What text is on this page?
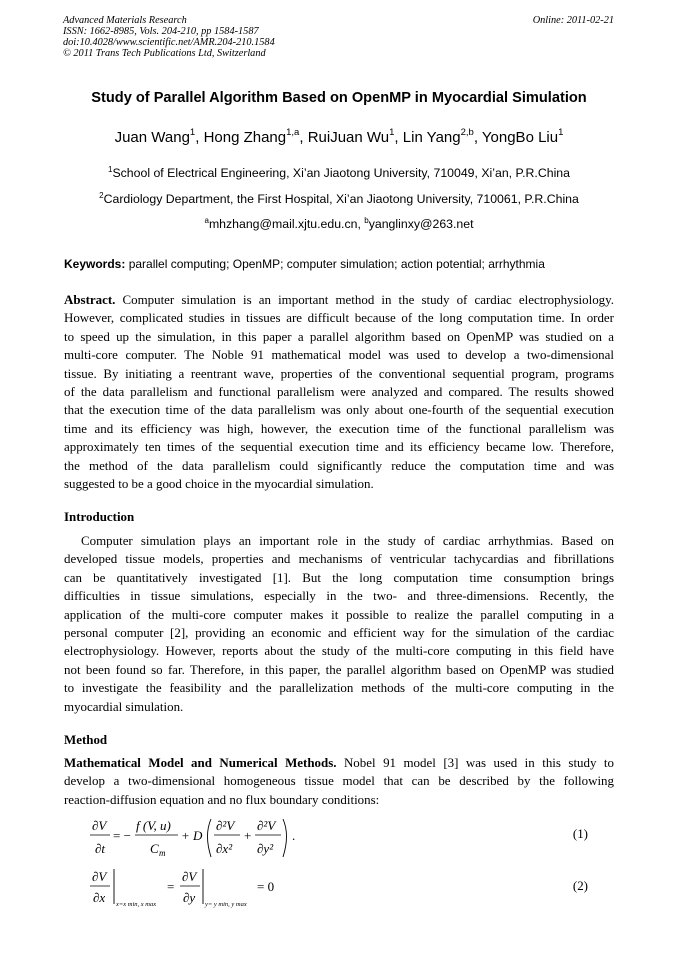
Advanced Materials Research
ISSN: 1662-8985, Vols. 204-210, pp 1584-1587
doi:10.4028/www.scientific.net/AMR.204-210.1584
© 2011 Trans Tech Publications Ltd, Switzerland
Online: 2011-02-21
Study of Parallel Algorithm Based on OpenMP in Myocardial Simulation
Juan Wang$^1$, Hong Zhang$^{1,a}$, RuiJuan Wu$^1$, Lin Yang$^{2,b}$, YongBo Liu$^1$
$^1$School of Electrical Engineering, Xi’an Jiaotong University, 710049, Xi’an, P.R.China
$^2$Cardiology Department, the First Hospital, Xi’an Jiaotong University, 710061, P.R.China
$^a$mhzhang@mail.xjtu.edu.cn, $^b$yanglinxy@263.net
Keywords: parallel computing; OpenMP; computer simulation; action potential; arrhythmia
Abstract. Computer simulation is an important method in the study of cardiac electrophysiology.
However, complicated studies in tissues are difficult because of the long computation time. In order
to speed up the simulation, in this paper a parallel algorithm based on OpenMP was studied on a
multi-core computer. The Noble 91 mathematical model was used to develop a two-dimensional
tissue. By initiating a reentrant wave, properties of the conventional sequential program, programs
of the data parallelism and functional parallelism were analyzed and compared. The results showed
that the execution time of the data parallelism was only about one-fourth of the sequential execution
time and its efficiency was high, however, the execution time of the functional parallelism was
approximately ten times of the sequential execution time and its efficiency became low. Therefore,
the method of the data parallelism could significantly reduce the computation time and was
suggested to be a good choice in the myocardial simulation.
Introduction
Computer simulation plays an important role in the study of cardiac arrhythmias. Based on
developed tissue models, properties and mechanisms of ventricular tachycardias and fibrillations
can be quantitatively investigated [1]. But the long computation time consumption brings
difficulties in tissue simulations, especially in the two- and three-dimensions. Recently, the
application of the multi-core computer makes it possible to realize the parallel computing in a
personal computer [2], providing an economic and efficient way for the simulation of the cardiac
electrophysiology. However, reports about the study of the multi-core computing in this field have
not been found so far. Therefore, in this paper, the parallel algorithm based on OpenMP was studied
to investigate the feasibility and the parallelization methods of the multi-core computing in the
myocardial simulation.
Method
Mathematical Model and Numerical Methods. Nobel 91 model [3] was used in this study to
develop a two-dimensional homogeneous tissue model that can be described by the following
reaction-diffusion equation and no flux boundary conditions:
∂V
∂t
= −
f (V, u)
C m
+ D
∂²V
∂x²
+
∂²V
∂y²
.	(1)
∂V
∂x x=x min, x max
=
∂V
∂y y= y min, y max
= 0	(2)
